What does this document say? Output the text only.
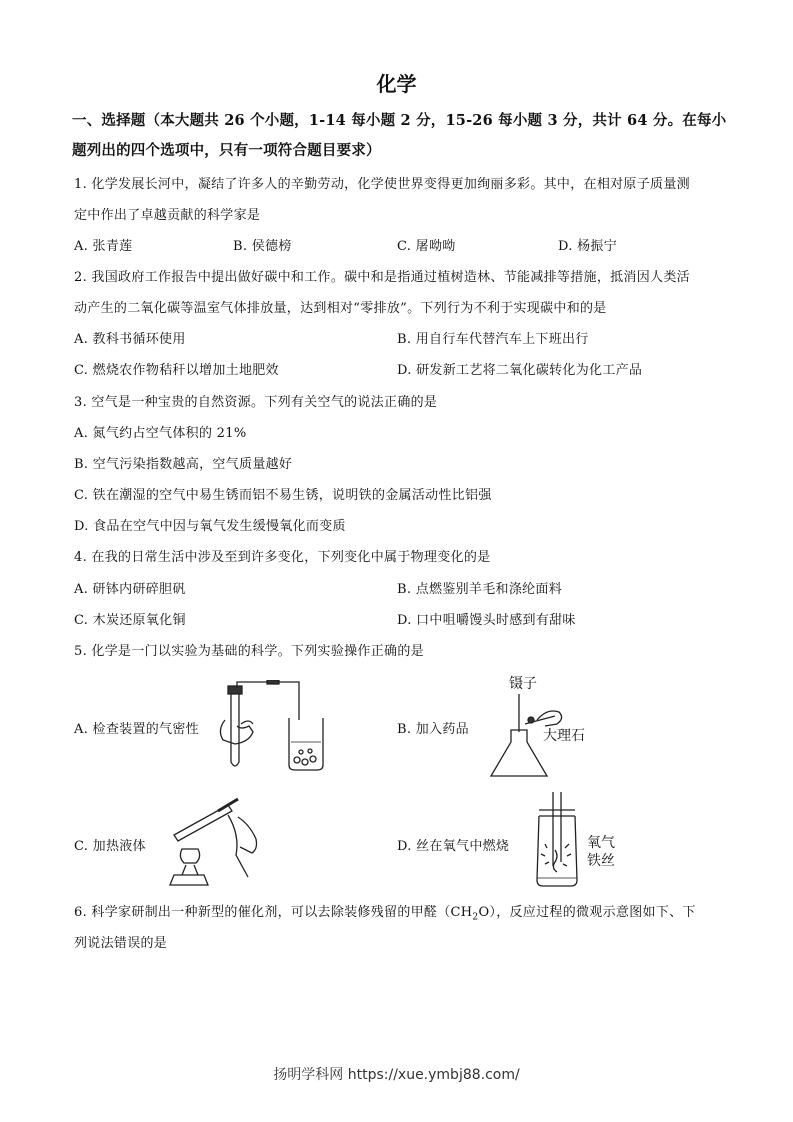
化学
一、选择题（本大题共 26 个小题，1-14 每小题 2 分，15-26 每小题 3 分，共计 64 分。在每小
题列出的四个选项中，只有一项符合题目要求）
1. 化学发展长河中，凝结了许多人的辛勤劳动，化学使世界变得更加绚丽多彩。其中，在相对原子质量测
定中作出了卓越贡献的科学家是
A. 张青莲	B. 侯德榜	C. 屠呦呦	D. 杨振宁
2. 我国政府工作报告中提出做好碳中和工作。碳中和是指通过植树造林、节能减排等措施，抵消因人类活
动产生的二氧化碳等温室气体排放量，达到相对“零排放”。下列行为不利于实现碳中和的是
A. 教科书循环使用	B. 用自行车代替汽车上下班出行
C. 燃烧农作物秸秆以增加土地肥效	D. 研发新工艺将二氧化碳转化为化工产品
3. 空气是一种宝贵的自然资源。下列有关空气的说法正确的是
A. 氮气约占空气体积的 21%
B. 空气污染指数越高，空气质量越好
C. 铁在潮湿的空气中易生锈而铝不易生锈，说明铁的金属活动性比铝强
D. 食品在空气中因与氧气发生缓慢氧化而变质
4. 在我的日常生活中涉及至到许多变化，下列变化中属于物理变化的是
A. 研钵内研碎胆矾	B. 点燃鉴别羊毛和涤纶面料
C. 木炭还原氧化铜	D. 口中咀嚼馒头时感到有甜味
5. 化学是一门以实验为基础的科学。下列实验操作正确的是
A. 检查装置的气密性	B. 加入药品
C. 加热液体	D. 丝在氧气中燃烧
镊子
大理石
氧气
铁丝
6. 科学家研制出一种新型的催化剂，可以去除装修残留的甲醛$(CH_2O)$，反应过程的微观示意图如下、下
列说法错误的是
扬明学科网 https://xue.ymbj88.com/
